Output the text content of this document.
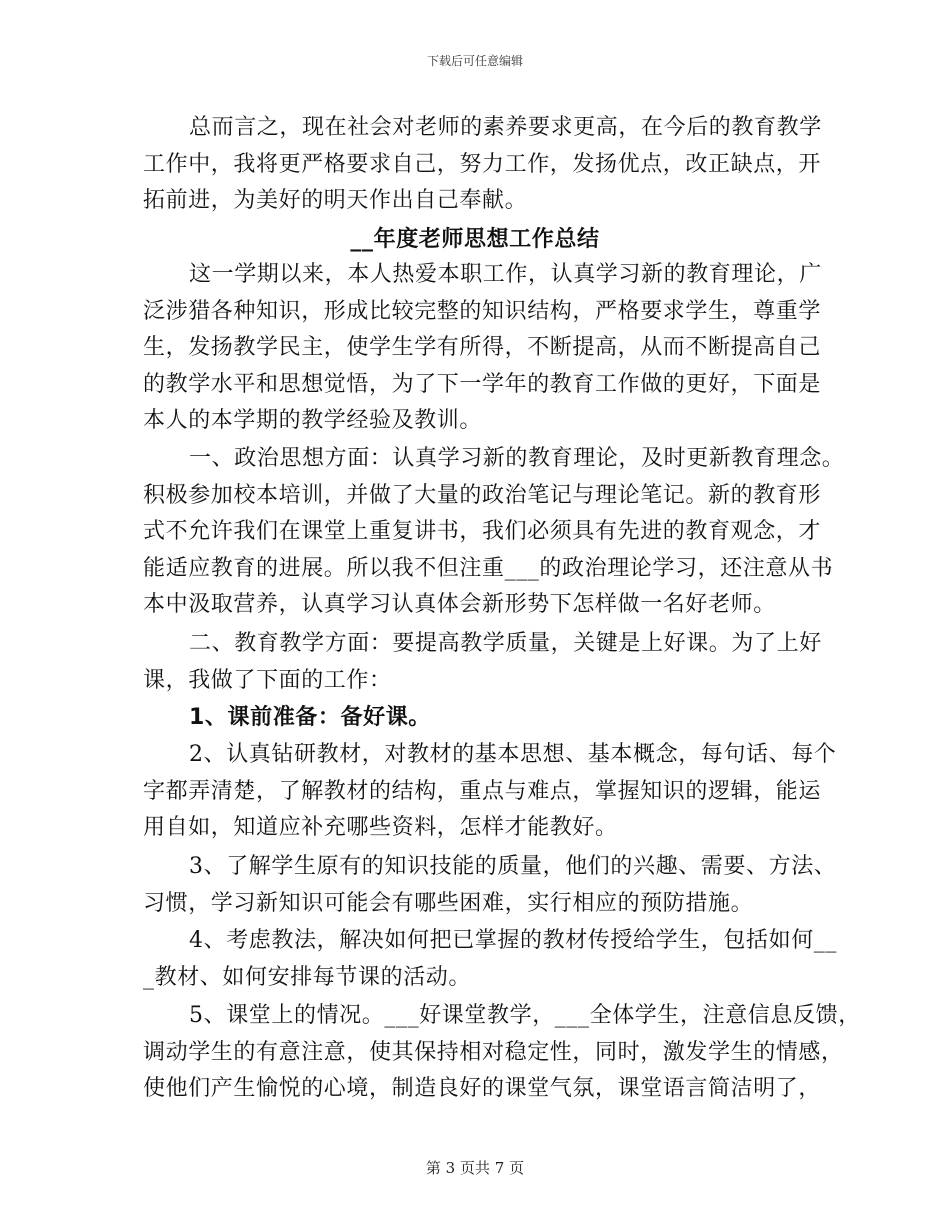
下载后可任意编辑
总而言之，现在社会对老师的素养要求更高，在今后的教育教学
工作中，我将更严格要求自己，努力工作，发扬优点，改正缺点，开
拓前进，为美好的明天作出自己奉献。
__年度老师思想工作总结
这一学期以来，本人热爱本职工作，认真学习新的教育理论，广
泛涉猎各种知识，形成比较完整的知识结构，严格要求学生，尊重学
生，发扬教学民主，使学生学有所得，不断提高，从而不断提高自己
的教学水平和思想觉悟，为了下一学年的教育工作做的更好，下面是
本人的本学期的教学经验及教训。
一、政治思想方面：认真学习新的教育理论，及时更新教育理念。
积极参加校本培训，并做了大量的政治笔记与理论笔记。新的教育形
式不允许我们在课堂上重复讲书，我们必须具有先进的教育观念，才
能适应教育的进展。所以我不但注重___的政治理论学习，还注意从书
本中汲取营养，认真学习认真体会新形势下怎样做一名好老师。
二、教育教学方面：要提高教学质量，关键是上好课。为了上好
课，我做了下面的工作：
1、课前准备：备好课。
2、认真钻研教材，对教材的基本思想、基本概念，每句话、每个
字都弄清楚，了解教材的结构，重点与难点，掌握知识的逻辑，能运
用自如，知道应补充哪些资料，怎样才能教好。
3、了解学生原有的知识技能的质量，他们的兴趣、需要、方法、
习惯，学习新知识可能会有哪些困难，实行相应的预防措施。
4、考虑教法，解决如何把已掌握的教材传授给学生，包括如何__
_教材、如何安排每节课的活动。
5、课堂上的情况。___好课堂教学，___全体学生，注意信息反馈，
调动学生的有意注意，使其保持相对稳定性，同时，激发学生的情感，
使他们产生愉悦的心境，制造良好的课堂气氛，课堂语言简洁明了，
第 3 页共 7 页
